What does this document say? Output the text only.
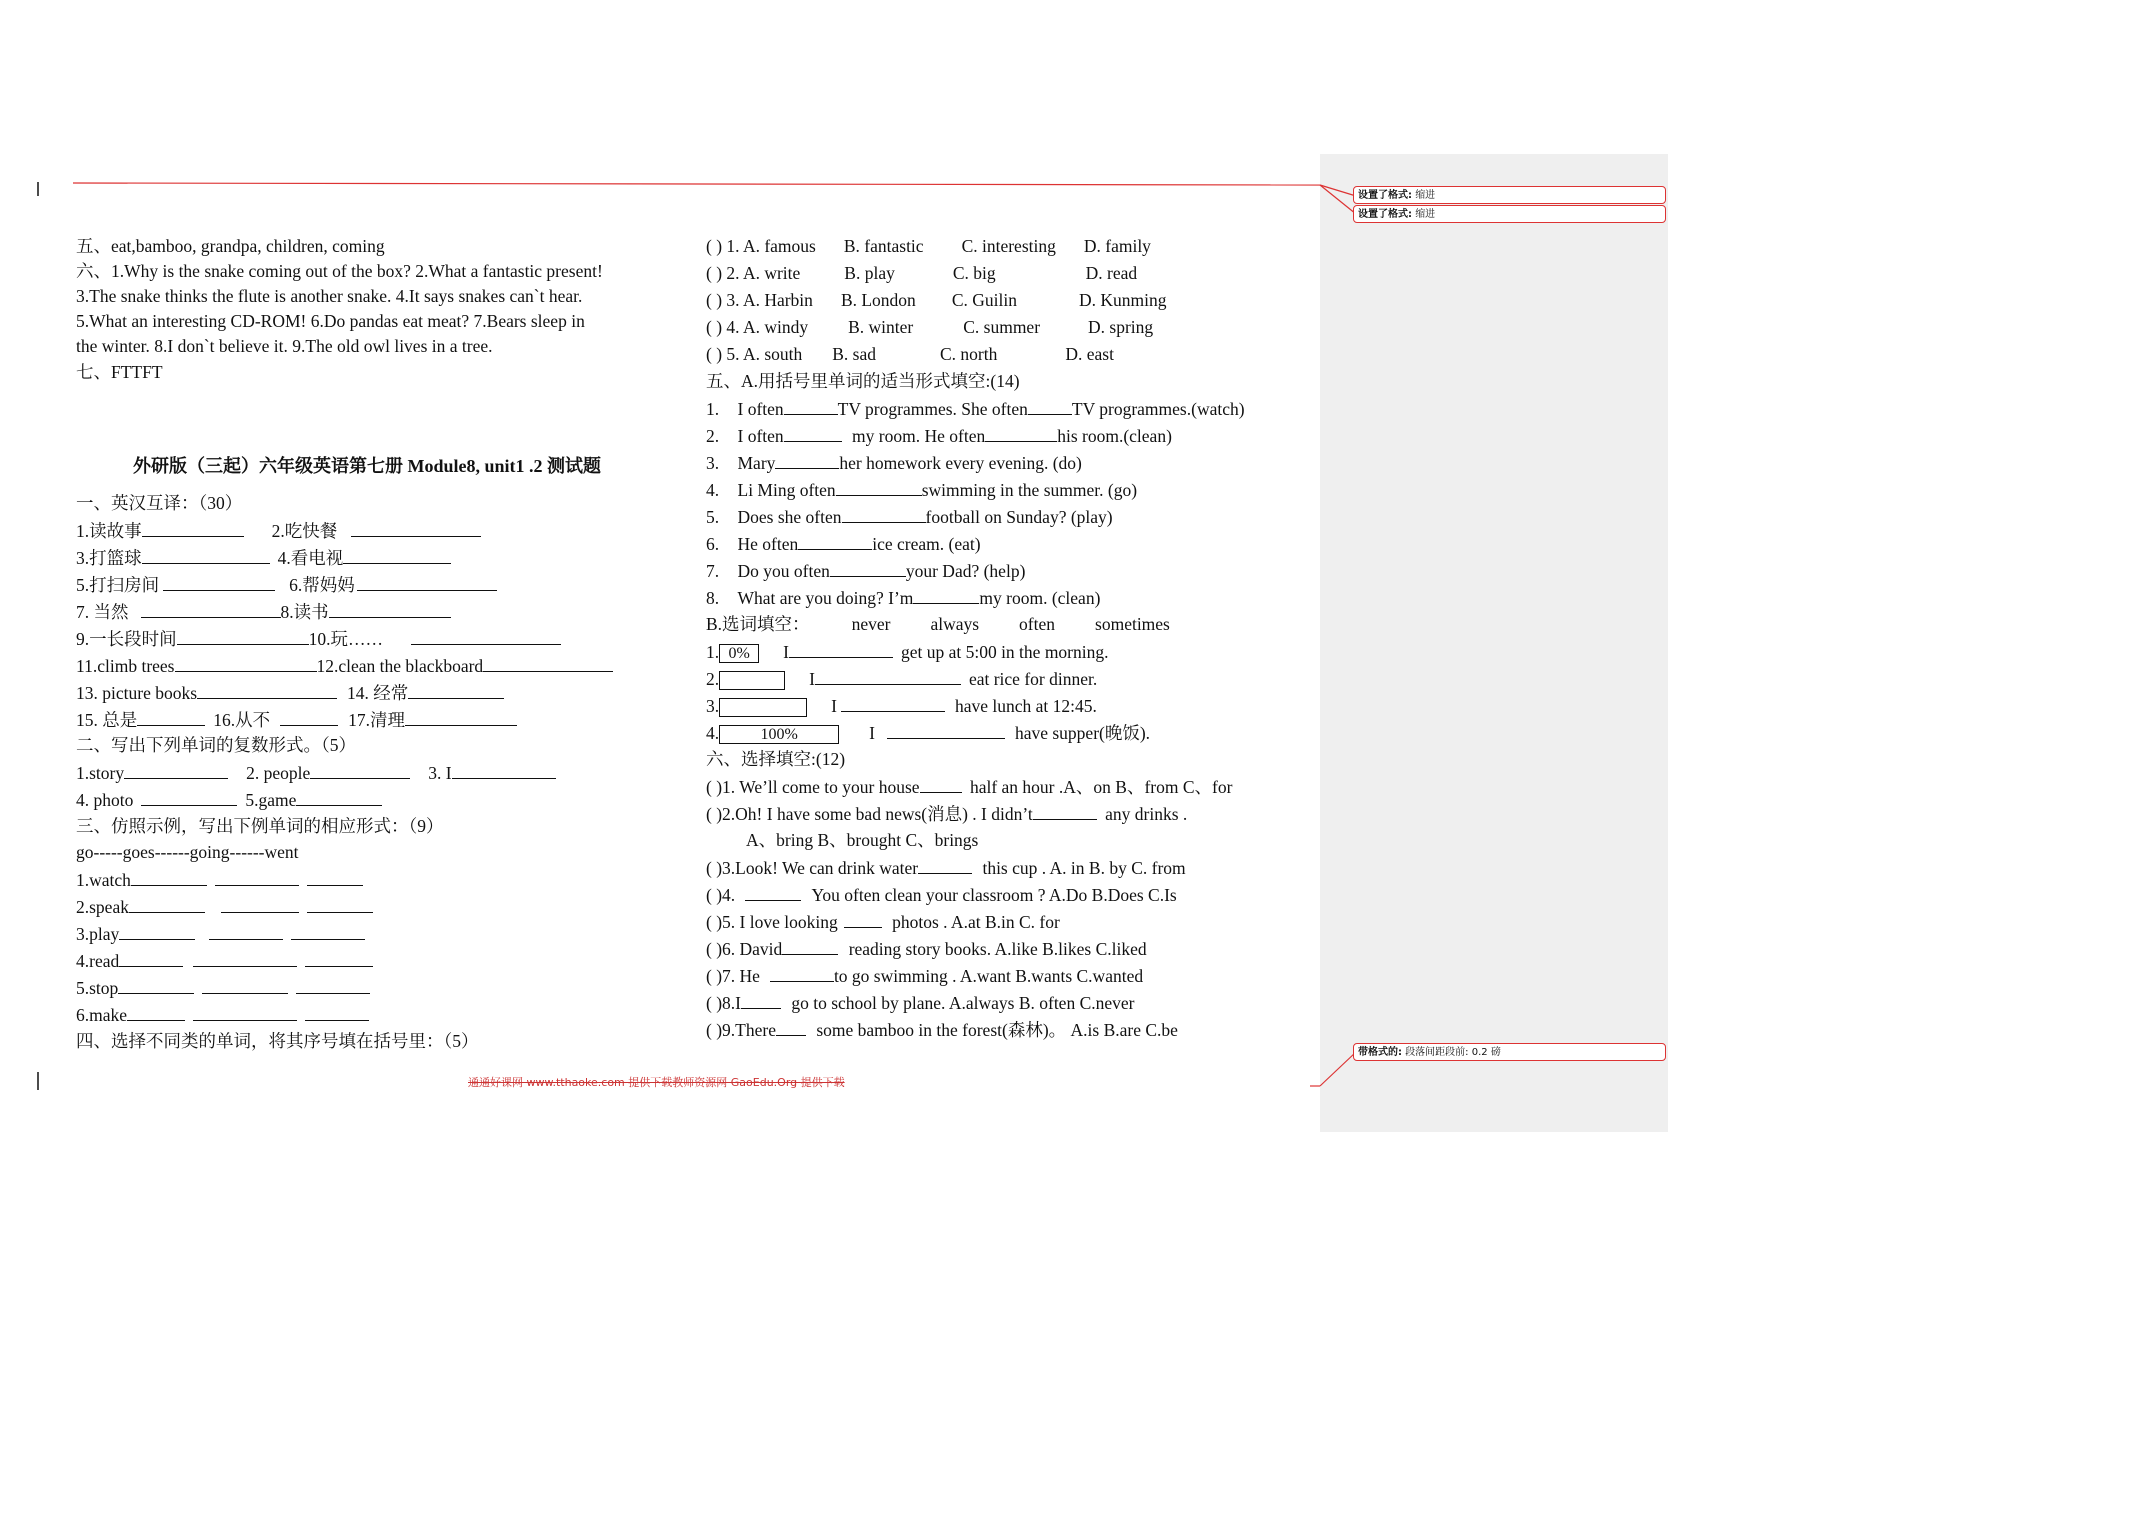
设置了格式: 缩进
设置了格式: 缩进
带格式的: 段落间距段前: 0.2 磅
五、eat,bamboo, grandpa, children, coming
六、1.Why is the snake coming out of the box? 2.What a fantastic present!
3.The snake thinks the flute is another snake. 4.It says snakes can`t hear.
5.What an interesting CD-ROM! 6.Do pandas eat meat? 7.Bears sleep in
the winter. 8.I don`t believe it. 9.The old owl lives in a tree.
七、FTTFT
外研版（三起）六年级英语第七册 Module8, unit1 .2 测试题
一、英汉互译：（30）
1.读故事	2.吃快餐
3.打篮球	4.看电视
5.打扫房间	6.帮妈妈
7. 当然	8.读书
9.一长段时间	10.玩……
11.climb trees	12.clean the blackboard
13. picture books	14. 经常
15. 总是	16.从不	17.清理
二、写出下列单词的复数形式。（5）
1.story	2. people	3. I
4. photo	5.game
三、仿照示例，写出下例单词的相应形式：（9）
go-----goes------going------went
1.watch
2.speak
3.play
4.read
5.stop
6.make
四、选择不同类的单词，将其序号填在括号里：（5）
( ) 1. A. famous B. fantastic C. interesting D. family
( ) 2. A. write	B. play	C. big	D. read
( ) 3. A. Harbin B. London C. Guilin	D. Kunming
( ) 4. A. windy B. winter	C. summer	D. spring
( ) 5. A. south B. sad	C. north	D. east
五、A.用括号里单词的适当形式填空:(14)
1. I often	TV programmes. She often	TV programmes.(watch)
2. I often	my room. He often	his room.(clean)
3. Mary	her homework every evening. (do)
4. Li Ming often	swimming in the summer. (go)
5. Does she often	football on Sunday? (play)
6. He often	ice cream. (eat)
7. Do you often	your Dad? (help)
8. What are you doing? I’m	my room. (clean)
B.选词填空： never always often sometimes
1. 0% I	get up at 5:00 in the morning.
2.	I	eat rice for dinner.
3.	I	have lunch at 12:45.
4.	100%	I	have supper(晚饭).
六、选择填空:(12)
( )1. We’ll come to your house	half an hour .A、on B、from C、for
( )2.Oh! I have some bad news(消息) . I didn’t	any drinks .
A、bring B、brought C、brings
( )3.Look! We can drink water	this cup . A. in B. by C. from
( )4.	You often clean your classroom ? A.Do B.Does C.Is
( )5. I love looking	photos . A.at B.in C. for
( )6. David	reading story books. A.like B.likes C.liked
( )7. He	to go swimming . A.want B.wants C.wanted
( )8.I	go to school by plane. A.always B. often C.never
( )9.There some bamboo in the forest(森林)。 A.is B.are C.be
通通好课网 www.tthaoke.com 提供下载教师资源网 GaoEdu.Org 提供下载
